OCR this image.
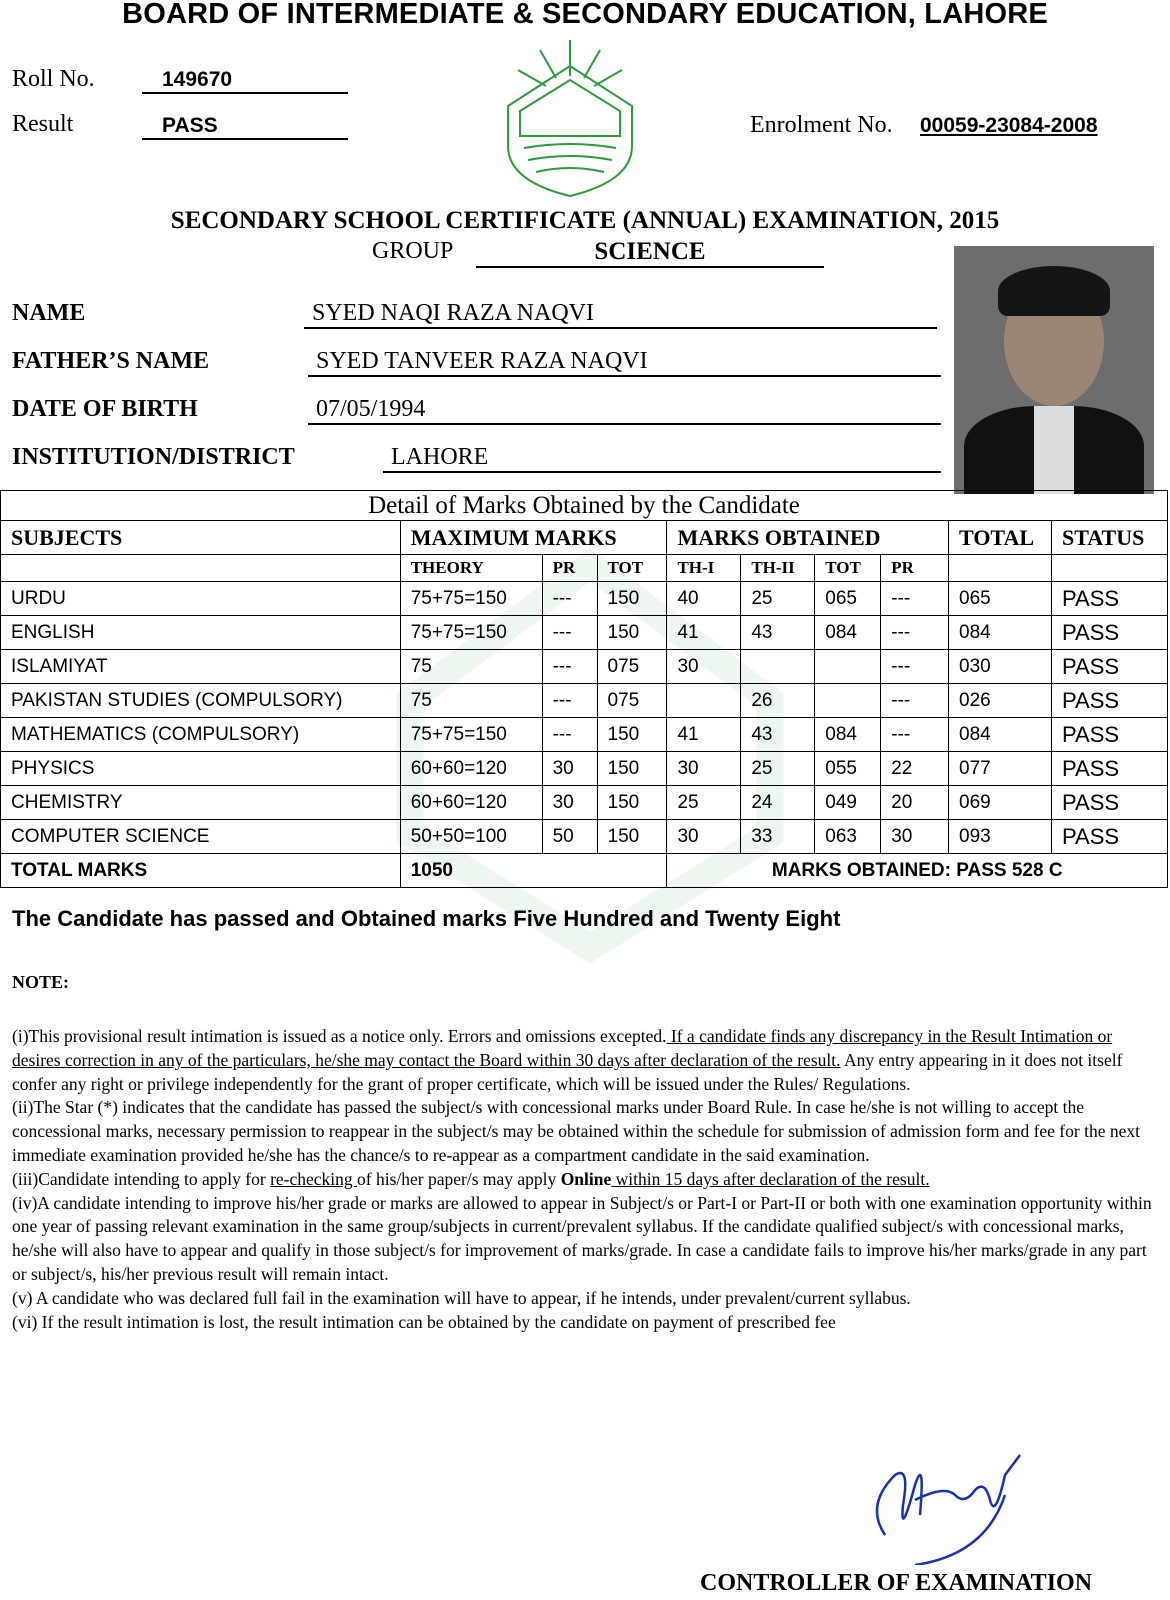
BOARD OF INTERMEDIATE & SECONDARY EDUCATION, LAHORE
Roll No.	149670
Result	PASS	Enrolment No. 00059-23084-2008
SECONDARY SCHOOL CERTIFICATE (ANNUAL) EXAMINATION, 2015
GROUP	SCIENCE
NAME	SYED NAQI RAZA NAQVI
FATHER’S NAME	SYED TANVEER RAZA NAQVI
DATE OF BIRTH	07/05/1994
INSTITUTION/DISTRICT	LAHORE
Detail of Marks Obtained by the Candidate									
SUBJECTS	MAXIMUM MARKS			MARKS OBTAINED				TOTAL	STATUS
	THEORY	PR	TOT	TH-I	TH-II	TOT	PR		
URDU	75+75=150	---	150	40	25	065	---	065	PASS
ENGLISH	75+75=150	---	150	41	43	084	---	084	PASS
ISLAMIYAT	75	---	075	30			---	030	PASS
PAKISTAN STUDIES (COMPULSORY)	75	---	075		26		---	026	PASS
MATHEMATICS (COMPULSORY)	75+75=150	---	150	41	43	084	---	084	PASS
PHYSICS	60+60=120	30	150	30	25	055	22	077	PASS
CHEMISTRY	60+60=120	30	150	25	24	049	20	069	PASS
COMPUTER SCIENCE	50+50=100	50	150	30	33	063	30	093	PASS
TOTAL MARKS	1050			MARKS OBTAINED: PASS 528 C					
The Candidate has passed and Obtained marks Five Hundred and Twenty Eight
NOTE:
(i)This provisional result intimation is issued as a notice only. Errors and omissions excepted. If a candidate finds any discrepancy in the Result Intimation or desires correction in any of the particulars, he/she may contact the Board within 30 days after declaration of the result. Any entry appearing in it does not itself confer any right or privilege independently for the grant of proper certificate, which will be issued under the Rules/ Regulations.
(ii)The Star (*) indicates that the candidate has passed the subject/s with concessional marks under Board Rule. In case he/she is not willing to accept the concessional marks, necessary permission to reappear in the subject/s may be obtained within the schedule for submission of admission form and fee for the next immediate examination provided he/she has the chance/s to re-appear as a compartment candidate in the said examination.
(iii)Candidate intending to apply for re-checking of his/her paper/s may apply Online within 15 days after declaration of the result.
(iv)A candidate intending to improve his/her grade or marks are allowed to appear in Subject/s or Part-I or Part-II or both with one examination opportunity within one year of passing relevant examination in the same group/subjects in current/prevalent syllabus. If the candidate qualified subject/s with concessional marks, he/she will also have to appear and qualify in those subject/s for improvement of marks/grade. In case a candidate fails to improve his/her marks/grade in any part or subject/s, his/her previous result will remain intact.
(v) A candidate who was declared full fail in the examination will have to appear, if he intends, under prevalent/current syllabus.
(vi) If the result intimation is lost, the result intimation can be obtained by the candidate on payment of prescribed fee
CONTROLLER OF EXAMINATION
